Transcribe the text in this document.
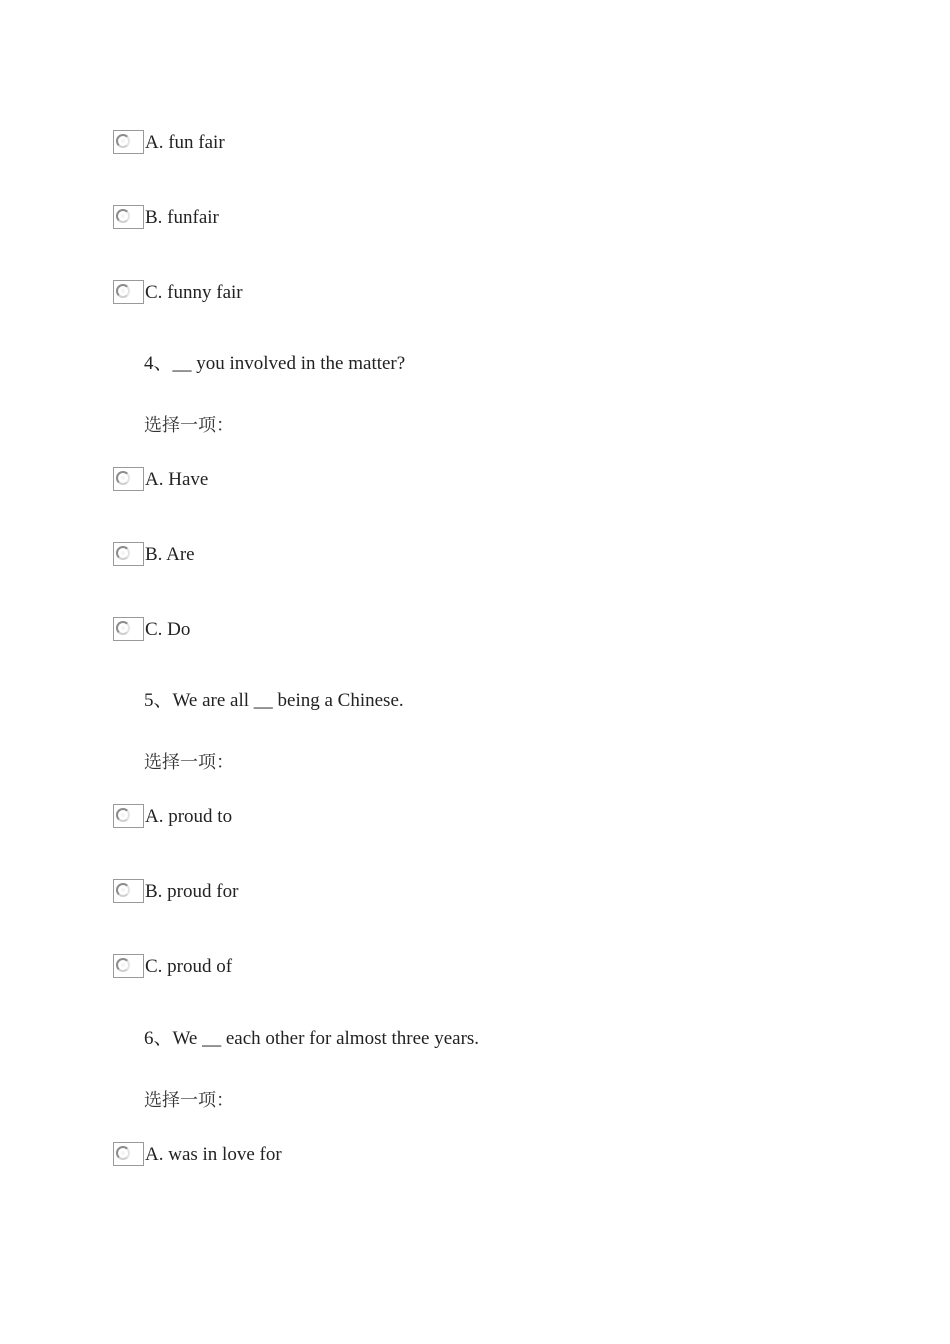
A. fun fair
B. funfair
C. funny fair
4、__ you involved in the matter?
选择一项：
A. Have
B. Are
C. Do
5、We are all __ being a Chinese.
选择一项：
A. proud to
B. proud for
C. proud of
6、We __ each other for almost three years.
选择一项：
A. was in love for
